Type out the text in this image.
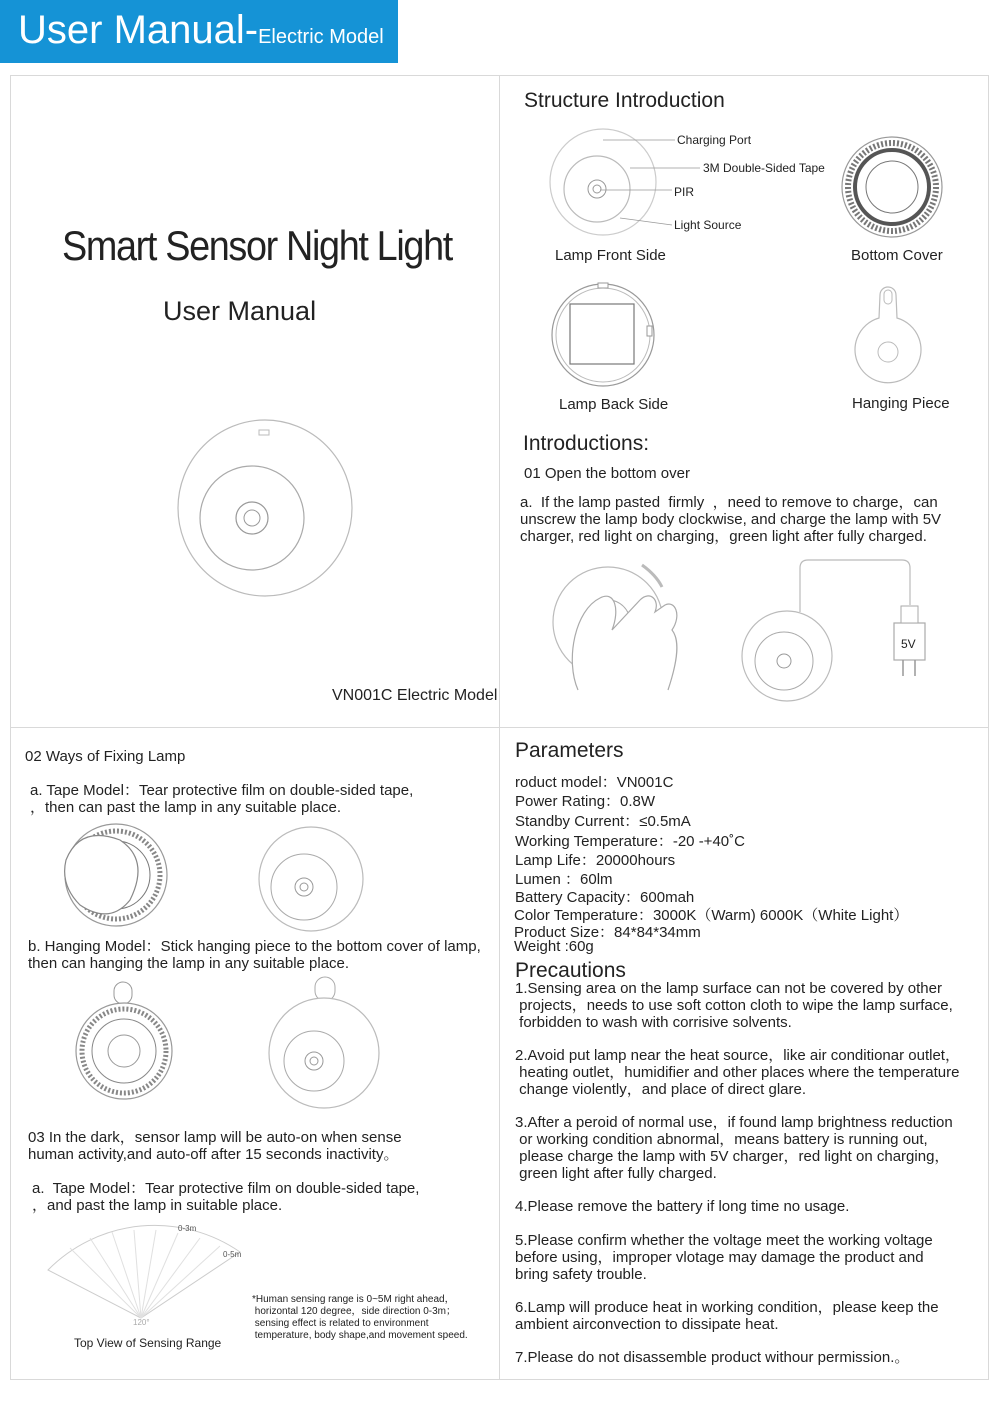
User Manual-Electric Model
Smart Sensor Night Light
User Manual
VN001C Electric Model
Structure Introduction
Charging Port
3M Double-Sided Tape
PIR
Light Source
Lamp Front Side	Bottom Cover
Lamp Back Side	Hanging Piece
Introductions:
01 Open the bottom over
a.  If the lamp pasted  firmly  ，need to remove to charge，can
unscrew the lamp body clockwise, and charge the lamp with 5V
charger, red light on charging，green light after fully charged.
5V
02 Ways of Fixing Lamp
a. Tape Model：Tear protective film on double-sided tape,
，then can past the lamp in any suitable place.
b. Hanging Model：Stick hanging piece to the bottom cover of lamp,
then can hanging the lamp in any suitable place.
03 In the dark，sensor lamp will be auto-on when sense
human activity,and auto-off after 15 seconds inactivity。
a.  Tape Model：Tear protective film on double-sided tape,
，and past the lamp in suitable place.
0-3m
0-5m
120°
Top View of Sensing Range
*Human sensing range is 0~5M right ahead，
horizontal 120 degree，side direction 0-3m；
sensing effect is related to environment
temperature, body shape,and movement speed.
Parameters
roduct model：VN001C
Power Rating：0.8W
Standby Current：≤0.5mA
Working Temperature：-20 -+40˚C
Lamp Life：20000hours
Lumen ：60lm
Battery Capacity：600mah
Color Temperature：3000K（Warm) 6000K（White Light）
Product Size：84*84*34mm
Weight :60g
Precautions
1.Sensing area on the lamp surface can not be covered by other
projects，needs to use soft cotton cloth to wipe the lamp surface,
forbidden to wash with corrisive solvents.
2.Avoid put lamp near the heat source，like air conditionar outlet，
heating outlet，humidifier and other places where the temperature
change violently，and place of direct glare.
3.After a peroid of normal use，if found lamp brightness reduction
or working condition abnormal，means battery is running out,
please charge the lamp with 5V charger，red light on charging，
green light after fully charged.
4.Please remove the battery if long time no usage.
5.Please confirm whether the voltage meet the working voltage
before using，improper vlotage may damage the product and
bring safety trouble.
6.Lamp will produce heat in working condition，please keep the
ambient airconvection to dissipate heat.
7.Please do not disassemble product withour permission.。
